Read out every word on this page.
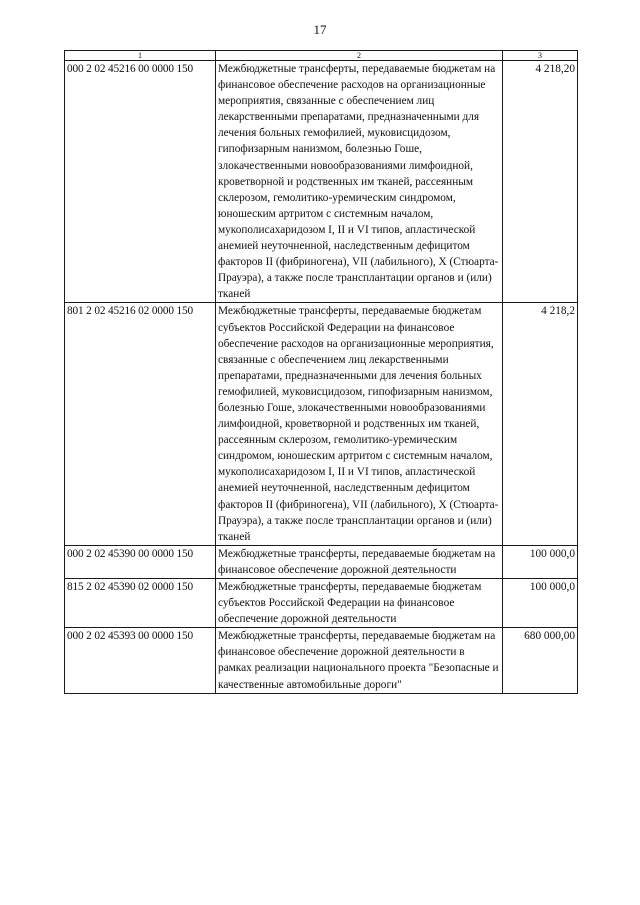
17
1	2	3
000 2 02 45216 00 0000 150	Межбюджетные трансферты, передаваемые бюджетам на финансовое обеспечение расходов на организационные мероприятия, связанные с обеспечением лиц лекарственными препаратами, предназначенными для лечения больных гемофилией, муковисцидозом, гипофизарным нанизмом, болезнью Гоше, злокачественными новообразованиями лимфоидной, кроветворной и родственных им тканей, рассеянным склерозом, гемолитико-уремическим синдромом, юношеским артритом с системным началом, мукополисахаридозом I, II и VI типов, апластической анемией неуточненной, наследственным дефицитом факторов II (фибриногена), VII (лабильного), X (Стюарта-Прауэра), а также после трансплантации органов и (или) тканей	4 218,20
801 2 02 45216 02 0000 150	Межбюджетные трансферты, передаваемые бюджетам субъектов Российской Федерации на финансовое обеспечение расходов на организационные мероприятия, связанные с обеспечением лиц лекарственными препаратами, предназначенными для лечения больных гемофилией, муковисцидозом, гипофизарным нанизмом, болезнью Гоше, злокачественными новообразованиями лимфоидной, кроветворной и родственных им тканей, рассеянным склерозом, гемолитико-уремическим синдромом, юношеским артритом с системным началом, мукополисахаридозом I, II и VI типов, апластической анемией неуточненной, наследственным дефицитом факторов II (фибриногена), VII (лабильного), X (Стюарта-Прауэра), а также после трансплантации органов и (или) тканей	4 218,2
000 2 02 45390 00 0000 150	Межбюджетные трансферты, передаваемые бюджетам на финансовое обеспечение дорожной деятельности	100 000,0
815 2 02 45390 02 0000 150	Межбюджетные трансферты, передаваемые бюджетам субъектов Российской Федерации на финансовое обеспечение дорожной деятельности	100 000,0
000 2 02 45393 00 0000 150	Межбюджетные трансферты, передаваемые бюджетам на финансовое обеспечение дорожной деятельности в рамках реализации национального проекта "Безопасные и качественные автомобильные дороги"	680 000,00
